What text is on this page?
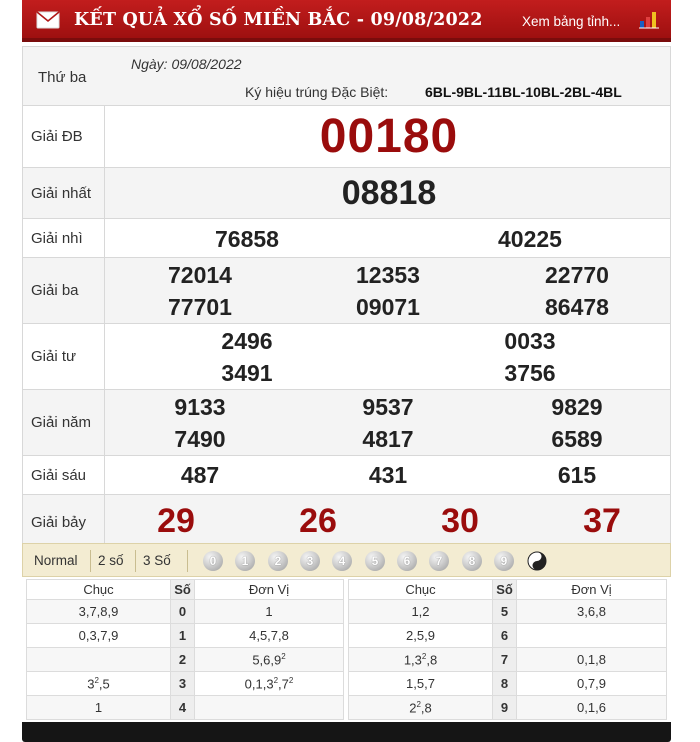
KẾT QUẢ XỔ SỐ MIỀN BẮC - 09/08/2022	Xem bảng tỉnh...
Thứ ba
Ngày: 09/08/2022
Ký hiệu trúng Đặc Biệt:	6BL-9BL-11BL-10BL-2BL-4BL
Giải ĐB	00180
Giải nhất	08818
Giải nhì	76858	40225
Giải ba
72014	12353	22770
77701	09071	86478
Giải tư
2496	0033
3491	3756
Giải năm
9133	9537	9829
7490	4817	6589
Giải sáu	487	431	615
Giải bảy	29	26	30	37
Normal 2 số 3 Số	0	1	2	3	4	5	6	7	8	9
Chục	Số	Đơn Vị
3,7,8,9	0	1
0,3,7,9	1	4,5,7,8
	2	5,6,9$^2$
$3^2,5$	3	$0,1,3^2,7^2$
1	4	
Chục	Số	Đơn Vị
1,2	5	3,6,8
2,5,9	6	
$1,3^2,8$	7	0,1,8
1,5,7	8	0,7,9
$2^2,8$	9	0,1,6
